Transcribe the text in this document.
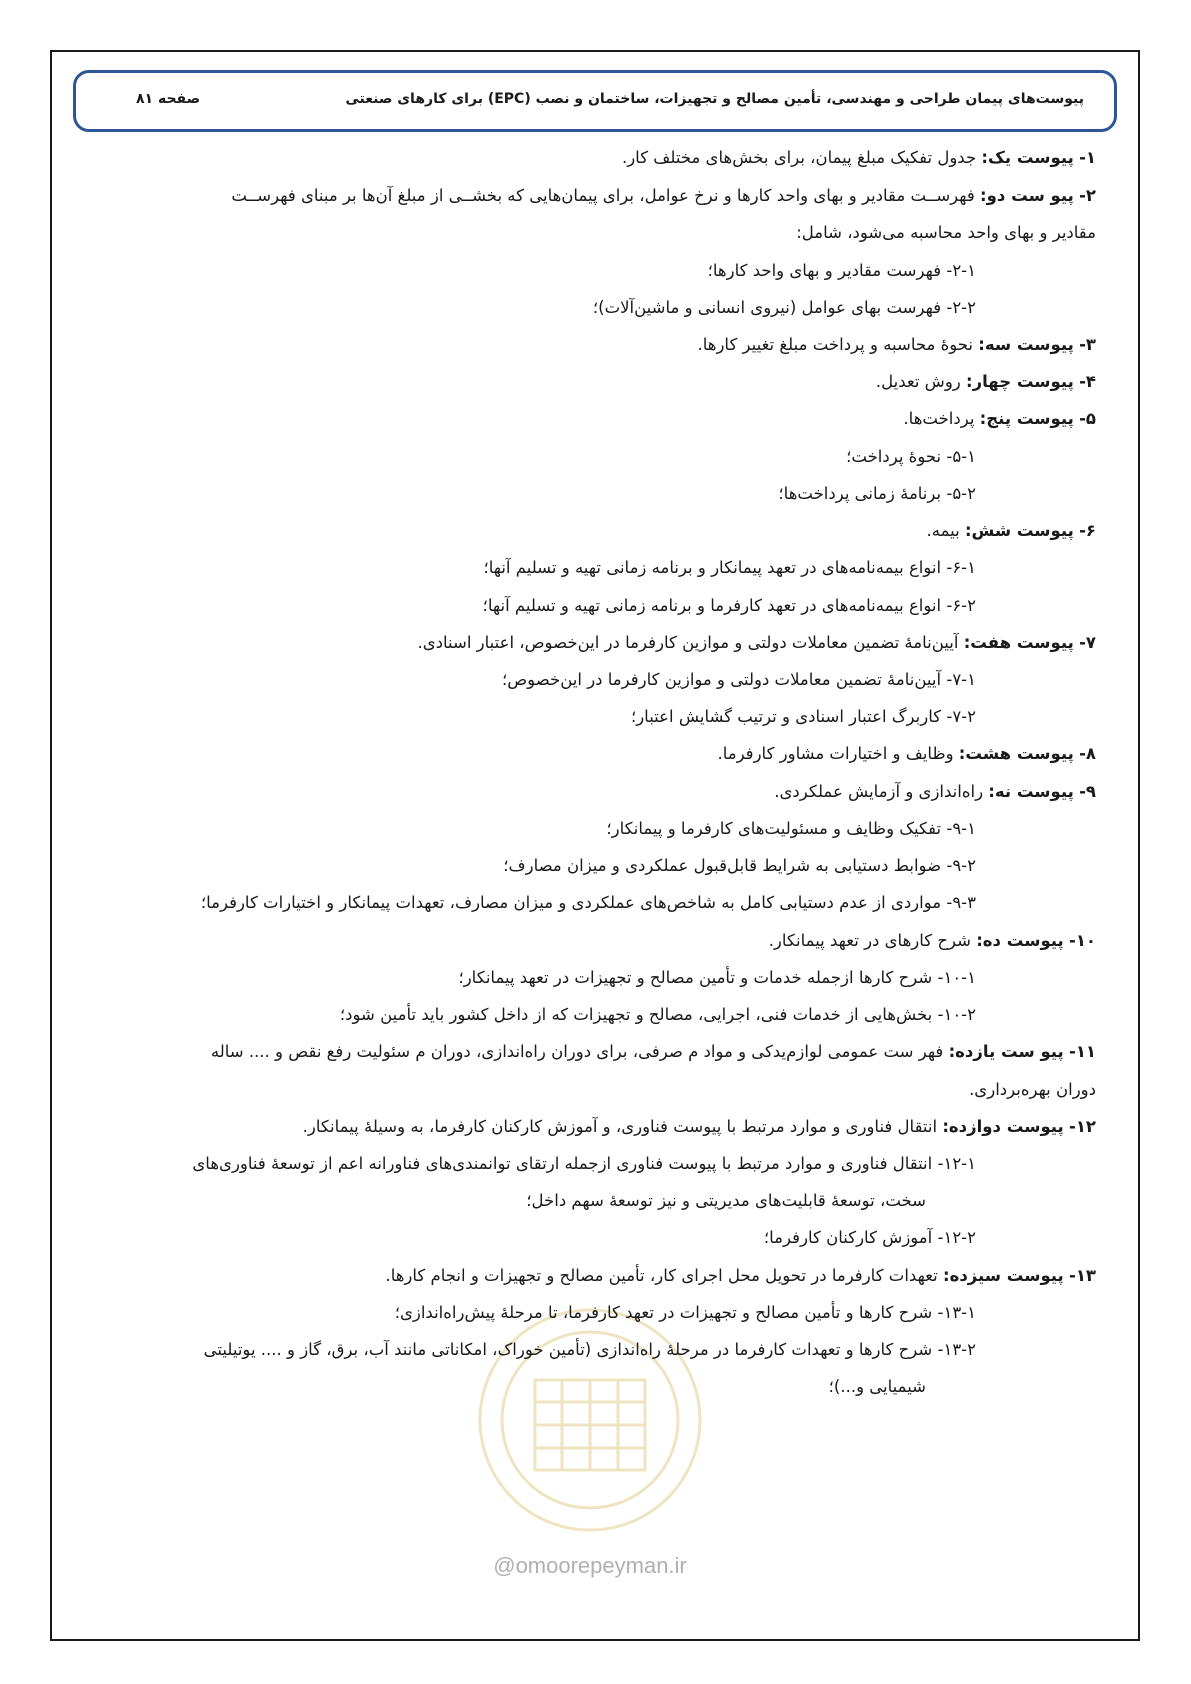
پیوست‌های پیمان طراحی و مهندسی، تأمین مصالح و تجهیزات، ساختمان و نصب (EPC) برای کارهای صنعتی
صفحه ۸۱
@omoorepeyman.ir
۱- پیوست یک: جدول تفکیک مبلغ پیمان، برای بخش‌های مختلف کار.
۲- پیو ست دو: فهرســت مقادیر و بهای واحد کارها و نرخ عوامل، برای پیمان‌هایی که بخشــی از مبلغ آن‌ها بر مبنای فهرســت
مقادیر و بهای واحد محاسبه می‌شود، شامل:
۲-۱- فهرست مقادیر و بهای واحد کارها؛
۲-۲- فهرست بهای عوامل (نیروی انسانی و ماشین‌آلات)؛
۳- پیوست سه: نحوهٔ محاسبه و پرداخت مبلغ تغییر کارها.
۴- پیوست چهار: روش تعدیل.
۵- پیوست پنج: پرداخت‌ها.
۵-۱- نحوهٔ پرداخت؛
۵-۲- برنامهٔ زمانی پرداخت‌ها؛
۶- پیوست شش: بیمه.
۶-۱- انواع بیمه‌نامه‌های در تعهد پیمانکار و برنامه زمانی تهیه و تسلیم آنها؛
۶-۲- انواع بیمه‌نامه‌های در تعهد کارفرما و برنامه زمانی تهیه و تسلیم آنها؛
۷- پیوست هفت: آیین‌نامهٔ تضمین معاملات دولتی و موازین کارفرما در این‌خصوص، اعتبار اسنادی.
۷-۱- آیین‌نامهٔ تضمین معاملات دولتی و موازین کارفرما در این‌خصوص؛
۷-۲- کاربرگ اعتبار اسنادی و ترتیب گشایش اعتبار؛
۸- پیوست هشت: وظایف و اختیارات مشاور کارفرما.
۹- پیوست نه: راه‌اندازی و آزمایش عملکردی.
۹-۱- تفکیک وظایف و مسئولیت‌های کارفرما و پیمانکار؛
۹-۲- ضوابط دستیابی به شرایط قابل‌قبول عملکردی و میزان مصارف؛
۹-۳- مواردی از عدم دستیابی کامل به شاخص‌های عملکردی و میزان مصارف، تعهدات پیمانکار و اختیارات کارفرما؛
۱۰- پیوست ده: شرح کارهای در تعهد پیمانکار.
۱۰-۱- شرح کارها ازجمله خدمات و تأمین مصالح و تجهیزات در تعهد پیمانکار؛
۱۰-۲- بخش‌هایی از خدمات فنی، اجرایی، مصالح و تجهیزات که از داخل کشور باید تأمین شود؛
۱۱- پیو ست یازده: فهر ست عمومی لوازم‌یدکی و مواد م صرفی، برای دوران راه‌اندازی، دوران م سئولیت رفع نقص و .... ساله
دوران بهره‌برداری.
۱۲- پیوست دوازده: انتقال فناوری و موارد مرتبط با پیوست فناوری، و آموزش کارکنان کارفرما، به وسیلهٔ پیمانکار.
۱۲-۱- انتقال فناوری و موارد مرتبط با پیوست فناوری ازجمله ارتقای توانمندی‌های فناورانه اعم از توسعهٔ فناوری‌های
سخت، توسعهٔ قابلیت‌های مدیریتی و نیز توسعهٔ سهم داخل؛
۱۲-۲- آموزش کارکنان کارفرما؛
۱۳- پیوست سیزده: تعهدات کارفرما در تحویل محل اجرای کار، تأمین مصالح و تجهیزات و انجام کارها.
۱۳-۱- شرح کارها و تأمین مصالح و تجهیزات در تعهد کارفرما، تا مرحلهٔ پیش‌راه‌اندازی؛
۱۳-۲- شرح کارها و تعهدات کارفرما در مرحلهٔ راه‌اندازی (تأمین خوراک، امکاناتی مانند آب، برق، گاز و .... یوتیلیتی
شیمیایی و...)؛
